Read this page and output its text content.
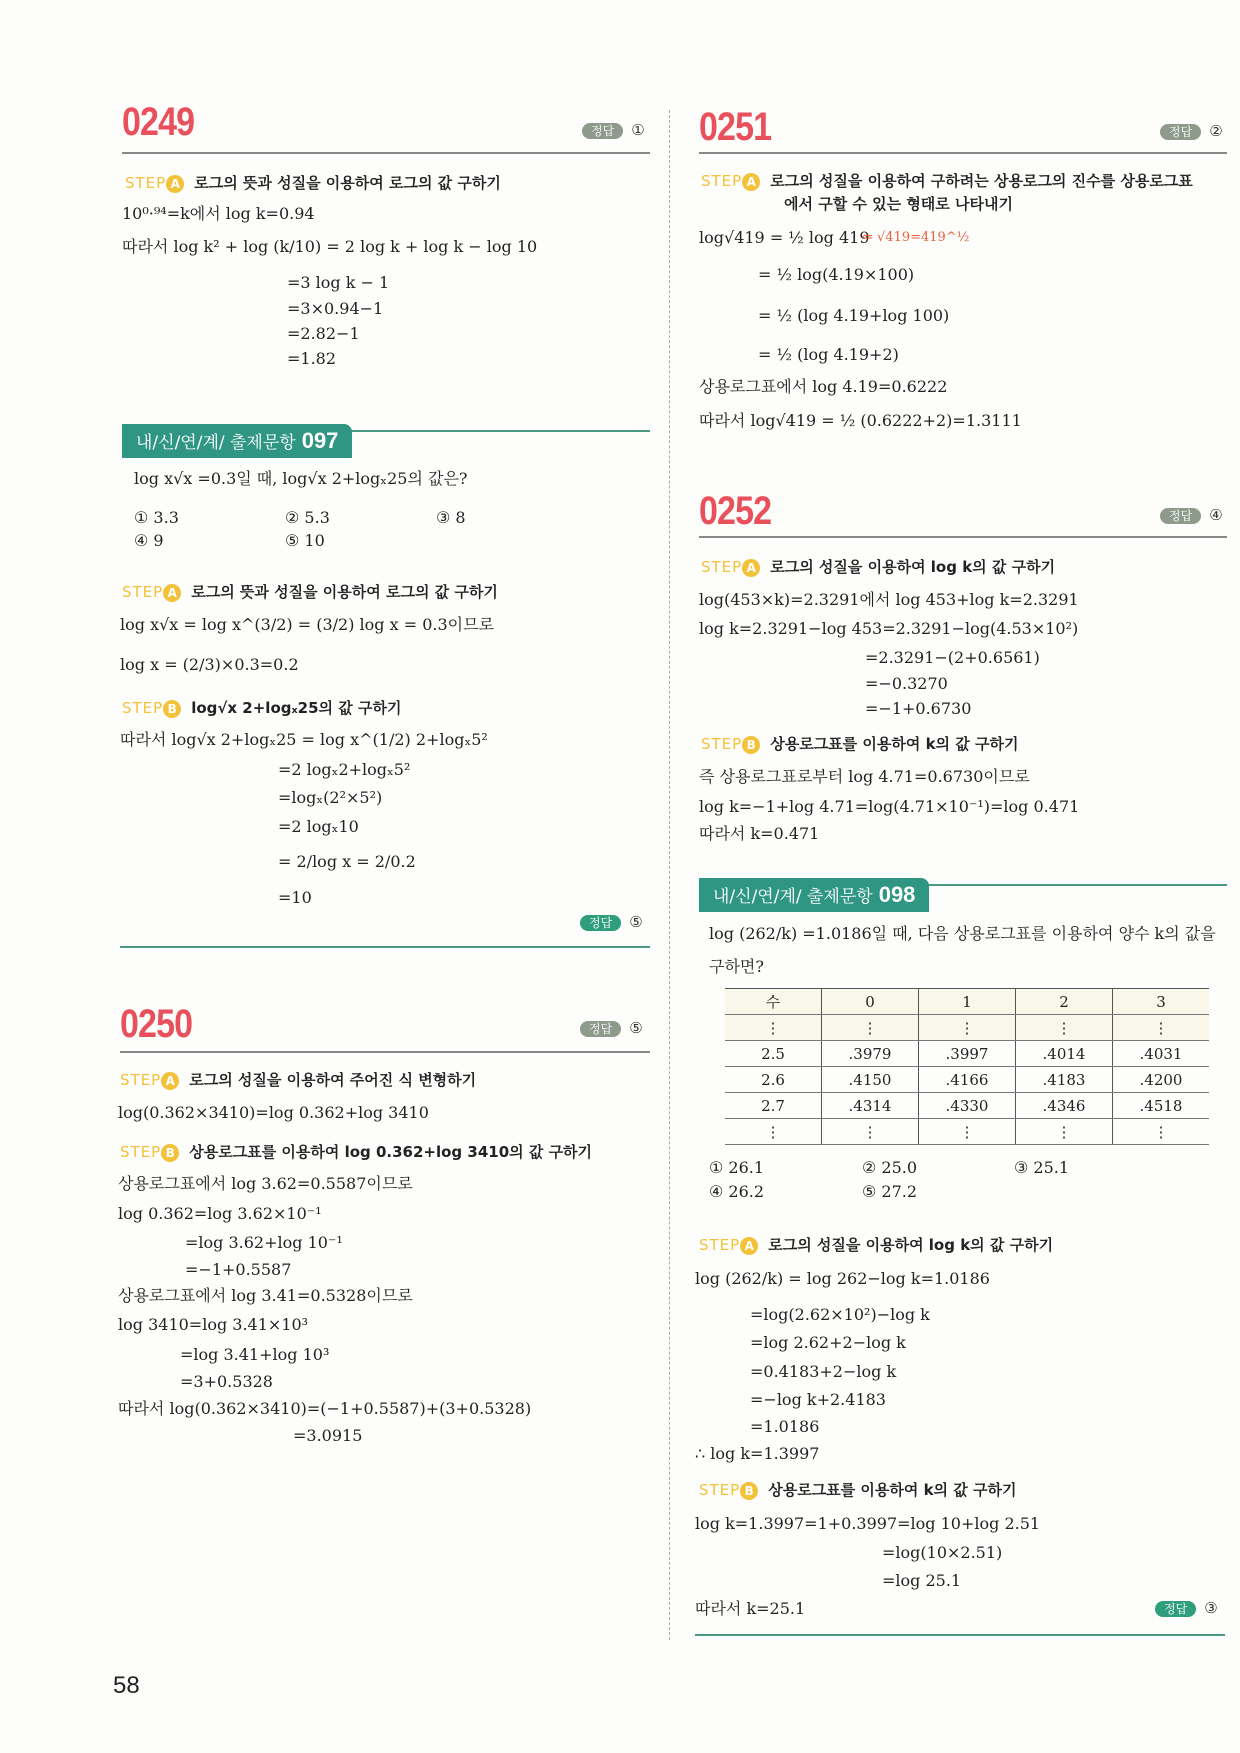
0249	정답 ①
STEP A 로그의 뜻과 성질을 이용하여 로그의 값 구하기
10⁰·⁹⁴=k에서 log k=0.94
따라서 log k² + log (k/10) = 2 log k + log k − log 10
=3 log k − 1
=3×0.94−1
=2.82−1
=1.82
내/신/연/계/ 출제문항 097
log x√x =0.3일 때, log√x 2+logₓ25의 값은?
① 3.3	② 5.3	③ 8
④ 9	⑤ 10
STEP A 로그의 뜻과 성질을 이용하여 로그의 값 구하기
log x√x = log x^(3/2) = (3/2) log x = 0.3이므로
log x = (2/3)×0.3=0.2
STEP B log√x 2+logₓ25의 값 구하기
따라서 log√x 2+logₓ25 = log x^(1/2) 2+logₓ5²
=2 logₓ2+logₓ5²
=logₓ(2²×5²)
=2 logₓ10
= 2/log x = 2/0.2
=10
정답 ⑤
0250	정답 ⑤
STEP A 로그의 성질을 이용하여 주어진 식 변형하기
log(0.362×3410)=log 0.362+log 3410
STEP B 상용로그표를 이용하여 log 0.362+log 3410의 값 구하기
상용로그표에서 log 3.62=0.5587이므로
log 0.362=log 3.62×10⁻¹
=log 3.62+log 10⁻¹
=−1+0.5587
상용로그표에서 log 3.41=0.5328이므로
log 3410=log 3.41×10³
=log 3.41+log 10³
=3+0.5328
따라서 log(0.362×3410)=(−1+0.5587)+(3+0.5328)
=3.0915
58
0251	정답 ②
STEP A 로그의 성질을 이용하여 구하려는 상용로그의 진수를 상용로그표
에서 구할 수 있는 형태로 나타내기
log√419 = ½ log 419
= ½ log(4.19×100)
= ½ (log 4.19+log 100)
= ½ (log 4.19+2)
상용로그표에서 log 4.19=0.6222
따라서 log√419 = ½ (0.6222+2)=1.3111
⇐ √419=419^½
0252	정답 ④
STEP A 로그의 성질을 이용하여 log k의 값 구하기
log(453×k)=2.3291에서 log 453+log k=2.3291
log k=2.3291−log 453=2.3291−log(4.53×10²)
=2.3291−(2+0.6561)
=−0.3270
=−1+0.6730
STEP B 상용로그표를 이용하여 k의 값 구하기
즉 상용로그표로부터 log 4.71=0.6730이므로
log k=−1+log 4.71=log(4.71×10⁻¹)=log 0.471
따라서 k=0.471
내/신/연/계/ 출제문항 098
log (262/k) =1.0186일 때, 다음 상용로그표를 이용하여 양수 k의 값을
구하면?
수	0	1	2	3
⋮	⋮	⋮	⋮	⋮
2.5	.3979	.3997	.4014	.4031
2.6	.4150	.4166	.4183	.4200
2.7	.4314	.4330	.4346	.4518
⋮	⋮	⋮	⋮	⋮
① 26.1	② 25.0	③ 25.1
④ 26.2	⑤ 27.2
STEP A 로그의 성질을 이용하여 log k의 값 구하기
log (262/k) = log 262−log k=1.0186
=log(2.62×10²)−log k
=log 2.62+2−log k
=0.4183+2−log k
=−log k+2.4183
=1.0186
∴ log k=1.3997
STEP B 상용로그표를 이용하여 k의 값 구하기
log k=1.3997=1+0.3997=log 10+log 2.51
=log(10×2.51)
=log 25.1
따라서 k=25.1	정답 ③
